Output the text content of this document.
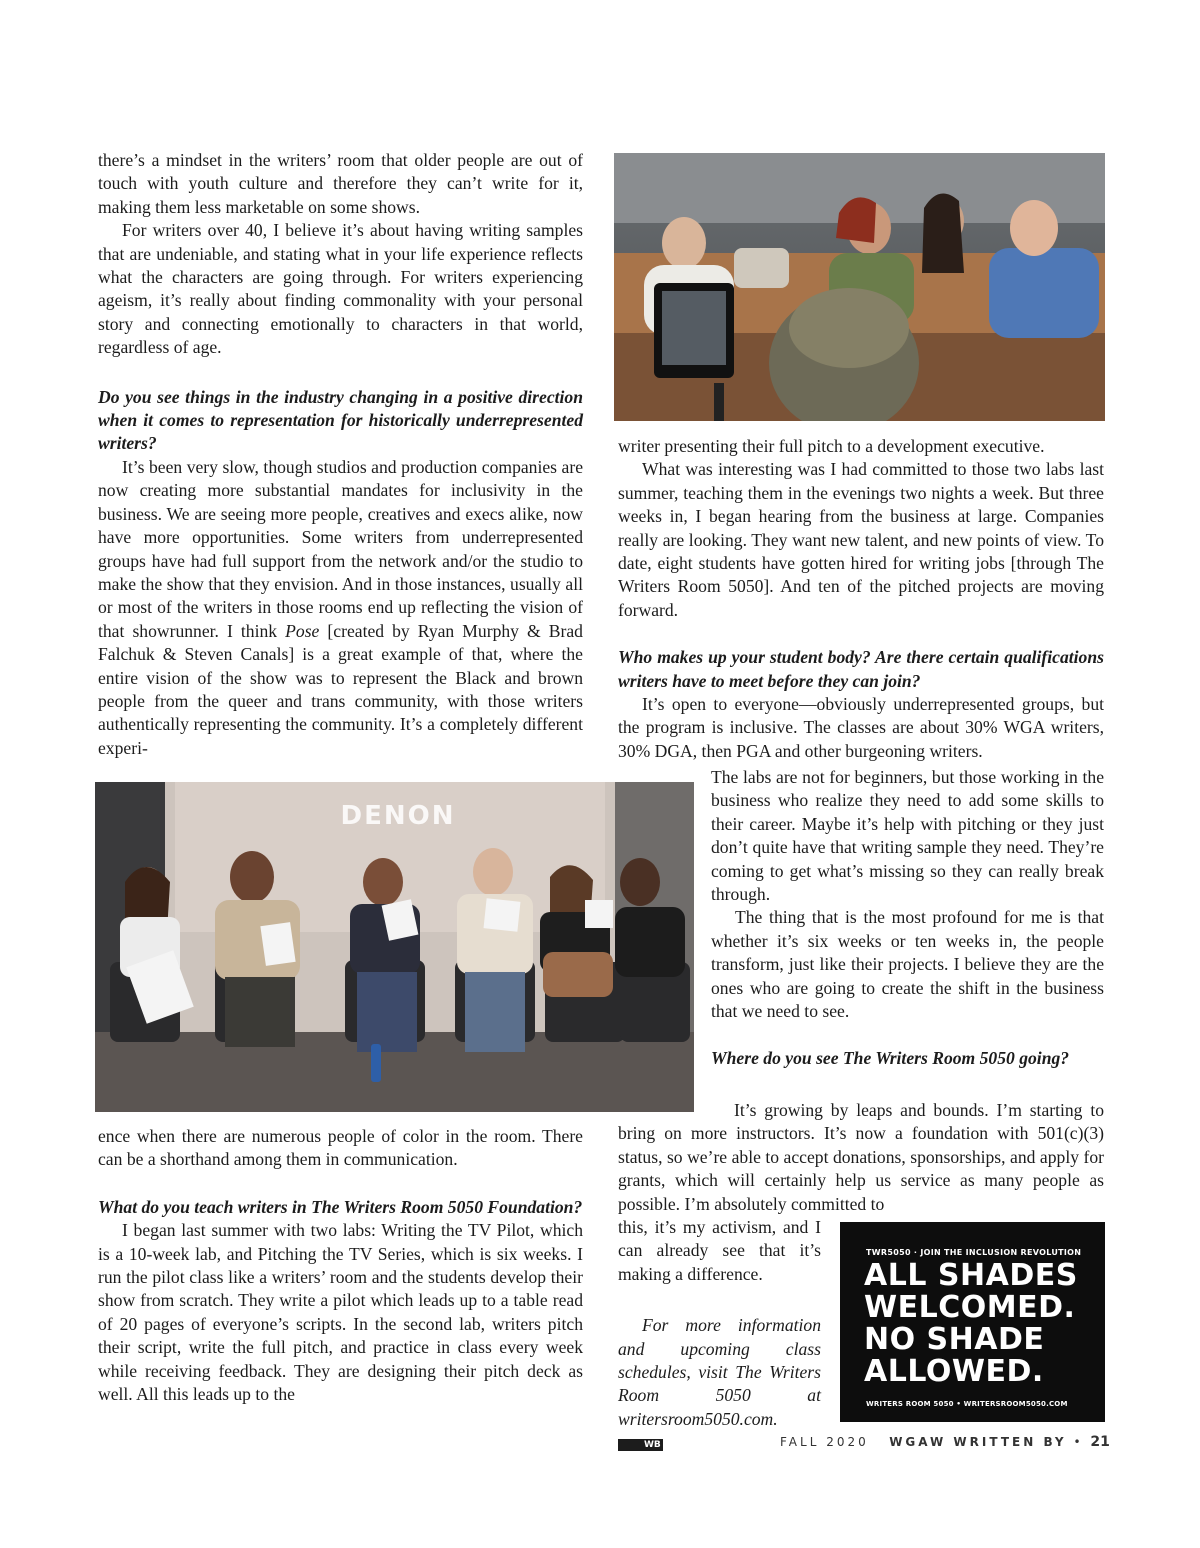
there’s a mindset in the writers’ room that older people are out of touch with youth culture and therefore they can’t write for it, making them less marketable on some shows.

For writers over 40, I believe it’s about having writing samples that are undeniable, and stating what in your life experience reflects what the characters are going through. For writers experiencing ageism, it’s really about finding commonality with your personal story and connecting emotionally to characters in that world, regardless of age.

Do you see things in the industry changing in a positive direction when it comes to representation for historically underrepresented writers?

It’s been very slow, though studios and production companies are now creating more substantial mandates for inclusivity in the business. We are seeing more people, creatives and execs alike, now have more opportunities. Some writers from underrepresented groups have had full support from the network and/or the studio to make the show that they envision. And in those instances, usually all or most of the writers in those rooms end up reflecting the vision of that showrunner. I think Pose [created by Ryan Murphy & Brad Falchuk & Steven Canals] is a great example of that, where the entire vision of the show was to represent the Black and brown people from the queer and trans community, with those writers authentically representing the community. It’s a completely different experi-

DENON

ence when there are numerous people of color in the room. There can be a shorthand among them in communication.

What do you teach writers in The Writers Room 5050 Foundation?

I began last summer with two labs: Writing the TV Pilot, which is a 10-week lab, and Pitching the TV Series, which is six weeks. I run the pilot class like a writers’ room and the students develop their show from scratch. They write a pilot which leads up to a table read of 20 pages of everyone’s scripts. In the second lab, writers pitch their script, write the full pitch, and practice in class every week while receiving feedback. They are designing their pitch deck as well. All this leads up to the

writer presenting their full pitch to a development executive.

What was interesting was I had committed to those two labs last summer, teaching them in the evenings two nights a week. But three weeks in, I began hearing from the business at large. Companies really are looking. They want new talent, and new points of view. To date, eight students have gotten hired for writing jobs [through The Writers Room 5050]. And ten of the pitched projects are moving forward.

Who makes up your student body? Are there certain qualifications writers have to meet before they can join?

It’s open to everyone—obviously underrepresented groups, but the program is inclusive. The classes are about 30% WGA writers, 30% DGA, then PGA and other burgeoning writers.

The labs are not for beginners, but those working in the business who realize they need to add some skills to their career. Maybe it’s help with pitching or they just don’t quite have that writing sample they need. They’re coming to get what’s missing so they can really break through.

The thing that is the most profound for me is that whether it’s six weeks or ten weeks in, the people transform, just like their projects. I believe they are the ones who are going to create the shift in the business that we need to see.

Where do you see The Writers Room 5050 going?

It’s growing by leaps and bounds. I’m starting to bring on more instructors. It’s now a foundation with 501(c)(3) status, so we’re able to accept donations, sponsorships, and apply for grants, which will certainly help us service as many people as possible. I’m absolutely committed to

this, it’s my activism, and I can already see that it’s making a difference.

For more information and upcoming class schedules, visit The Writers Room 5050 at writersroom5050.com. WB

TWR5050 · JOIN THE INCLUSION REVOLUTION
ALL SHADES
WELCOMED.
NO SHADE
ALLOWED.
WRITERS ROOM 5050 • WRITERSROOM5050.COM
FALL 2020 WGAW WRITTEN BY • 21
